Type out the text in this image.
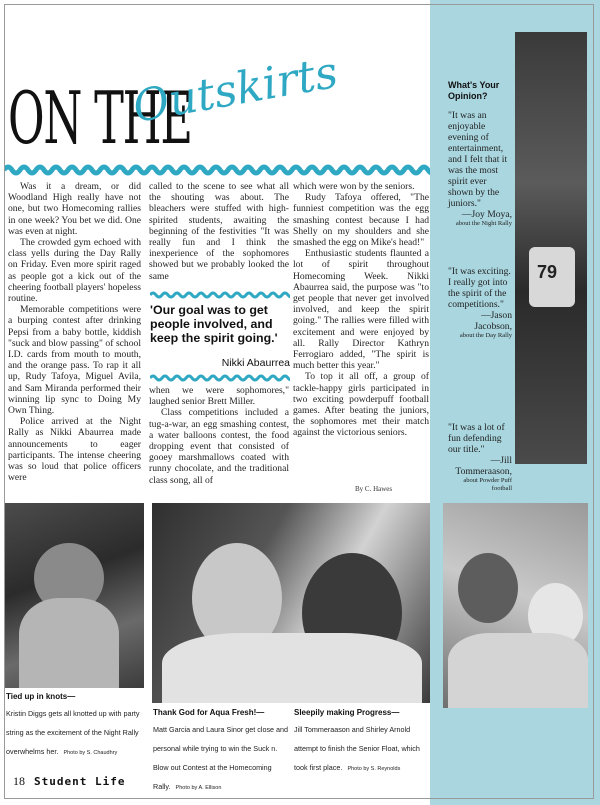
ON THE
Outskirts

Was it a dream, or did Woodland High really have not one, but two Homecoming rallies in one week? You bet we did. One was even at night.

The crowded gym echoed with class yells during the Day Rally on Friday. Even more spirit raged as people got a kick out of the cheering football players' hopeless routine.

Memorable competitions were a burping contest after drinking Pepsi from a baby bottle, kiddish "suck and blow passing" of school I.D. cards from mouth to mouth, and the orange pass. To rap it all up, Rudy Tafoya, Miguel Avila, and Sam Miranda performed their winning lip sync to Doing My Own Thing.

Police arrived at the Night Rally as Nikki Abaurrea made announcements to eager participants. The intense cheering was so loud that police officers were

called to the scene to see what all the shouting was about. The bleachers were stuffed with high-spirited students, awaiting the beginning of the festivities "It was really fun and I think the inexperience of the sophomores showed but we probably looked the same

'Our goal was to get people involved, and keep the spirit going.'
Nikki Abaurrea

when we were sophomores," laughed senior Brett Miller.

Class competitions included a tug-a-war, an egg smashing contest, a water balloons contest, the food dropping event that consisted of gooey marshmallows coated with runny chocolate, and the traditional class song, all of

which were won by the seniors.

Rudy Tafoya offered, "The funniest competition was the egg smashing contest because I had Shelly on my shoulders and she smashed the egg on Mike's head!"

Enthusiastic students flaunted a lot of spirit throughout Homecoming Week. Nikki Abaurrea said, the purpose was "to get people that never get involved involved, and keep the spirit going." The rallies were filled with excitement and were enjoyed by all. Rally Director Kathryn Ferrogiaro added, "The spirit is much better this year."

To top it all off, a group of tackle-happy girls participated in two exciting powderpuff football games. After beating the juniors, the sophomores met their match against the victorious seniors.

By C. Hawes
79
What's Your
Opinion?
"It was an enjoyable evening of entertainment, and I felt that it was the most spirit ever shown by the juniors."
—Joy Moya,
about the Night Rally
"It was exciting. I really got into the spirit of the competitions."
—Jason Jacobson,
about the Day Rally
"It was a lot of fun defending our title."
—Jill Tommeraason,
about Powder Puff football
Tied up in knots—
Kristin Diggs gets all knotted up with party string as the excitement of the Night Rally overwhelms her. Photo by S. Chaudhry
Thank God for Aqua Fresh!—
Matt Garcia and Laura Sinor get close and personal while trying to win the Suck n. Blow out Contest at the Homecoming Rally. Photo by A. Ellison
Sleepily making Progress—
Jill Tommeraason and Shirley Arnold attempt to finish the Senior Float, which took first place. Photo by S. Reynolds
18 Student Life
